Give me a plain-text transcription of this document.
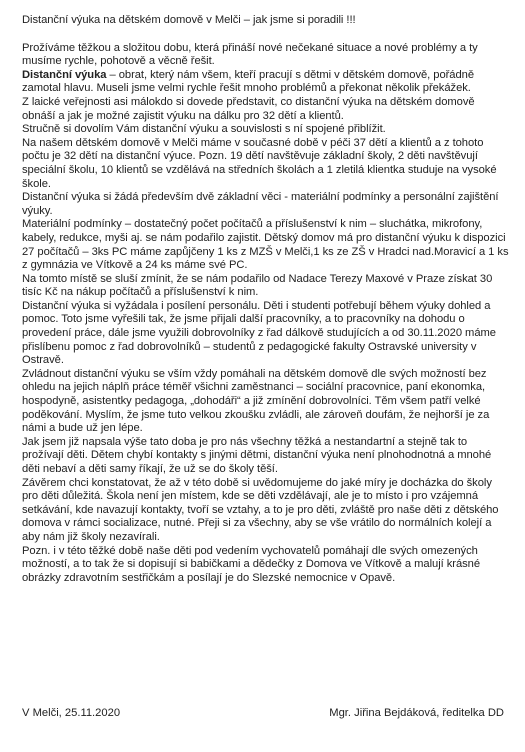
Distanční výuka na dětském domově v Melči – jak jsme si poradili !!!

Prožíváme těžkou a složitou dobu, která přináší nové nečekané situace a nové problémy a ty musíme rychle, pohotově a věcně řešit.

Distanční výuka – obrat, který nám všem, kteří pracují s dětmi v dětském domově, pořádně zamotal hlavu. Museli jsme velmi rychle řešit mnoho problémů a překonat několik překážek.

Z laické veřejnosti asi málokdo si dovede představit, co distanční výuka na dětském domově obnáší a jak je možné zajistit výuku na dálku pro 32 dětí a klientů.

Stručně si dovolím Vám distanční výuku a souvislosti s ní spojené přiblížit.

Na našem dětském domově v Melči máme v současné době v péči 37 dětí a klientů a z tohoto počtu je 32 dětí na distanční výuce. Pozn. 19 dětí navštěvuje základní školy, 2 děti navštěvují speciální školu, 10 klientů se vzdělává na středních školách a 1 zletilá klientka studuje na vysoké škole.

Distanční výuka si žádá především dvě základní věci - materiální podmínky a personální zajištění výuky.

Materiální podmínky – dostatečný počet počítačů a příslušenství k nim – sluchátka, mikrofony, kabely, redukce, myši aj. se nám podařilo zajistit. Dětský domov má pro distanční výuku k dispozici 27 počítačů – 3ks PC máme zapůjčeny 1 ks z MZŠ v Melči,1 ks ze ZŠ v Hradci nad.Moravicí a 1 ks z gymnázia ve Vítkově a 24 ks máme své PC.

Na tomto místě se sluší zmínit, že se nám podařilo od Nadace Terezy Maxové v Praze získat 30 tisíc Kč na nákup počítačů a příslušenství k nim.

Distanční výuka si vyžádala i posílení personálu. Děti i studenti potřebují během výuky dohled a pomoc. Toto jsme vyřešili tak, že jsme přijali další pracovníky, a to pracovníky na dohodu o provedení práce, dále jsme využili dobrovolníky z řad dálkově studujících a od 30.11.2020 máme přislíbenu pomoc z řad dobrovolníků – studentů z pedagogické fakulty Ostravské university v Ostravě.

Zvládnout distanční výuku se vším vždy pomáhali na dětském domově dle svých možností bez ohledu na jejich náplň práce téměř všichni zaměstnanci – sociální pracovnice, paní ekonomka, hospodyně, asistentky pedagoga, „dohodáři“ a již zmínění dobrovolníci. Těm všem patří velké poděkování. Myslím, že jsme tuto velkou zkoušku zvládli, ale zároveň doufám, že nejhorší je za námi a bude už jen lépe.

Jak jsem již napsala výše tato doba je pro nás všechny těžká a nestandartní a stejně tak to prožívají děti. Dětem chybí kontakty s jinými dětmi, distanční výuka není plnohodnotná a mnohé děti nebaví a děti samy říkají, že už se do školy těší.

Závěrem chci konstatovat, že až v této době si uvědomujeme do jaké míry je docházka do školy pro děti důležitá. Škola není jen místem, kde se děti vzdělávají, ale je to místo i pro vzájemná setkávání, kde navazují kontakty, tvoří se vztahy, a to je pro děti, zvláště pro naše děti z dětského domova v rámci socializace, nutné. Přeji si za všechny, aby se vše vrátilo do normálních kolejí a aby nám již školy nezavírali.

Pozn. i v této těžké době naše děti pod vedením vychovatelů pomáhají dle svých omezených možností, a to tak že si dopisují si babičkami a dědečky z Domova ve Vítkově a malují krásné obrázky zdravotním sestřičkám a posílají je do Slezské nemocnice v Opavě.

V Melči, 25.11.2020	Mgr. Jiřina Bejdáková, ředitelka DD
